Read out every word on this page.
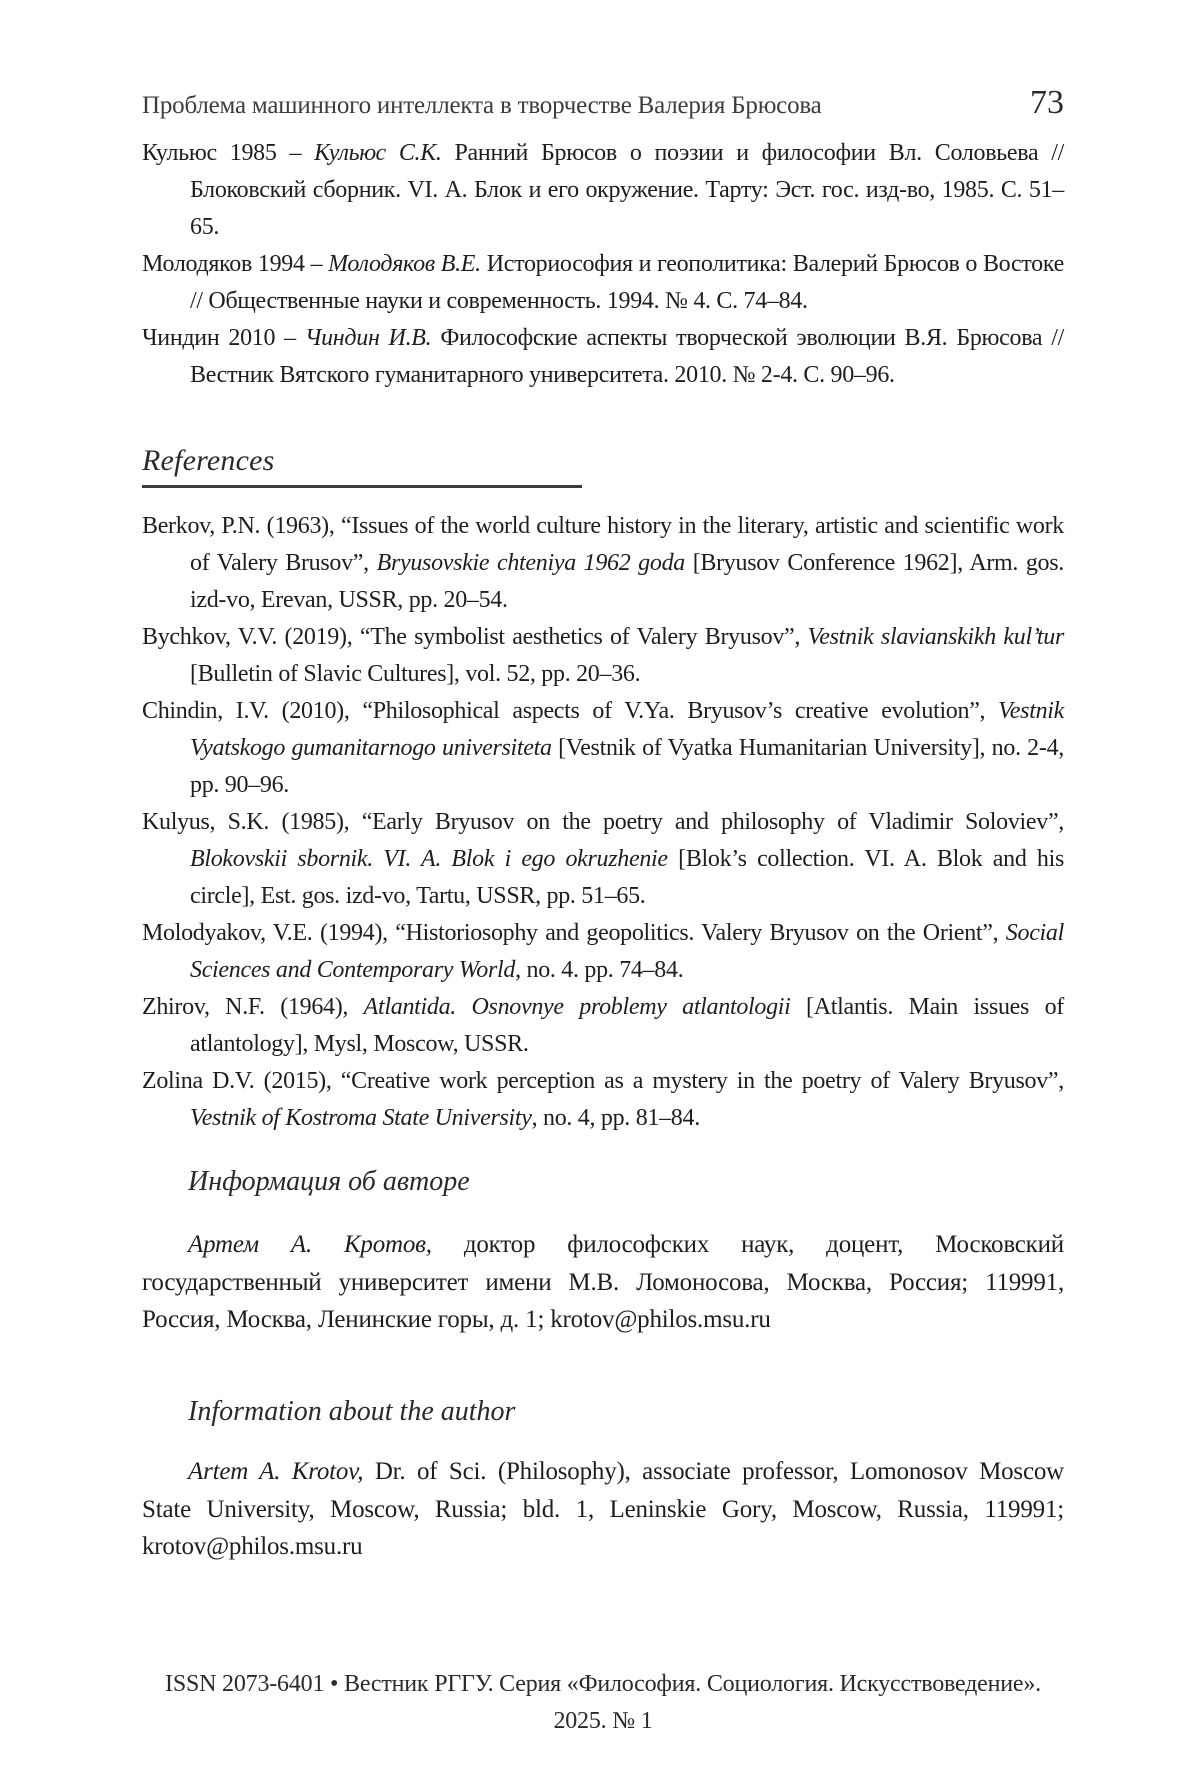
Проблема машинного интеллекта в творчестве Валерия Брюсова	73

Кульюс 1985 – Кульюс С.К. Ранний Брюсов о поэзии и философии Вл. Соловьева // Блоковский сборник. VI. А. Блок и его окружение. Тарту: Эст. гос. изд-во, 1985. С. 51–65.

Молодяков 1994 – Молодяков В.Е. Историософия и геополитика: Валерий Брюсов о Востоке // Общественные науки и современность. 1994. № 4. С. 74–84.

Чиндин 2010 – Чиндин И.В. Философские аспекты творческой эволюции В.Я. Брюсова // Вестник Вятского гуманитарного университета. 2010. № 2-4. С. 90–96.

References

Berkov, P.N. (1963), “Issues of the world culture history in the literary, artistic and scientific work of Valery Brusov”, Bryusovskie chteniya 1962 goda [Bryusov Conference 1962], Arm. gos. izd-vo, Erevan, USSR, pp. 20–54.

Bychkov, V.V. (2019), “The symbolist aesthetics of Valery Bryusov”, Vestnik slavianskikh kul’tur [Bulletin of Slavic Cultures], vol. 52, pp. 20–36.

Chindin, I.V. (2010), “Philosophical aspects of V.Ya. Bryusov’s creative evolution”, Vestnik Vyatskogo gumanitarnogo universiteta [Vestnik of Vyatka Humanitarian University], no. 2-4, pp. 90–96.

Kulyus, S.K. (1985), “Early Bryusov on the poetry and philosophy of Vladimir Soloviev”, Blokovskii sbornik. VI. A. Blok i ego okruzhenie [Blok’s collection. VI. A. Blok and his circle], Est. gos. izd-vo, Tartu, USSR, pp. 51–65.

Molodyakov, V.E. (1994), “Historiosophy and geopolitics. Valery Bryusov on the Orient”, Social Sciences and Contemporary World, no. 4. pp. 74–84.

Zhirov, N.F. (1964), Atlantida. Osnovnye problemy atlantologii [Atlantis. Main issues of atlantology], Mysl, Moscow, USSR.

Zolina D.V. (2015), “Creative work perception as a mystery in the poetry of Valery Bryusov”, Vestnik of Kostroma State University, no. 4, pp. 81–84.

Информация об авторе

Артем А. Кротов, доктор философских наук, доцент, Московский государственный университет имени М.В. Ломоносова, Москва, Россия; 119991, Россия, Москва, Ленинские горы, д. 1; krotov@philos.msu.ru

Information about the author

Artem A. Krotov, Dr. of Sci. (Philosophy), associate professor, Lomonosov Moscow State University, Moscow, Russia; bld. 1, Leninskie Gory, Moscow, Russia, 119991; krotov@philos.msu.ru

ISSN 2073-6401 • Вестник РГГУ. Серия «Философия. Социология. Искусствоведение».
2025. № 1
